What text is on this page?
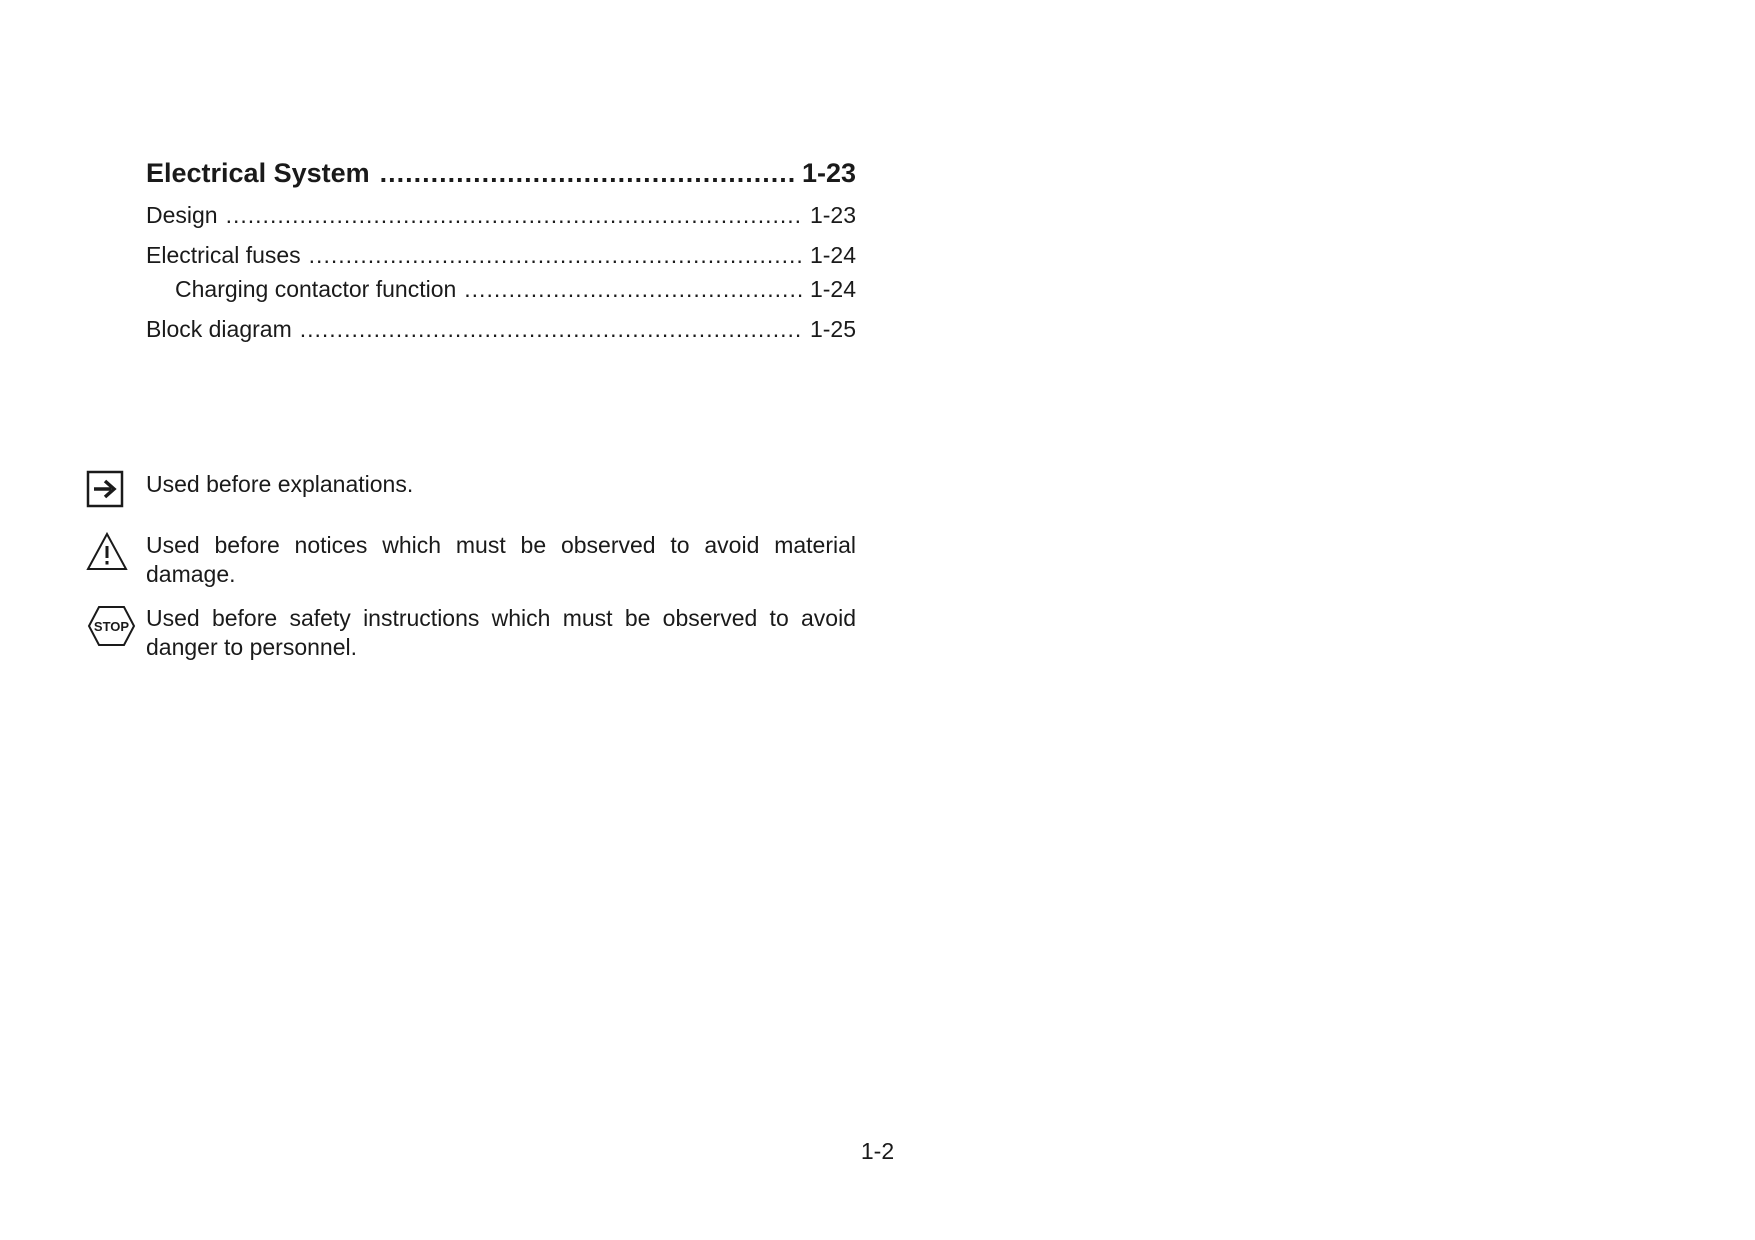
Electrical System .....	1-23
Design .....	1-23
Electrical fuses .....	1-24
Charging contactor function .....	1-24
Block diagram .....	1-25
Used before explanations.
Used before notices which must be observed to avoid material damage.
STOP Used before safety instructions which must be observed to avoid danger to personnel.
1-2
